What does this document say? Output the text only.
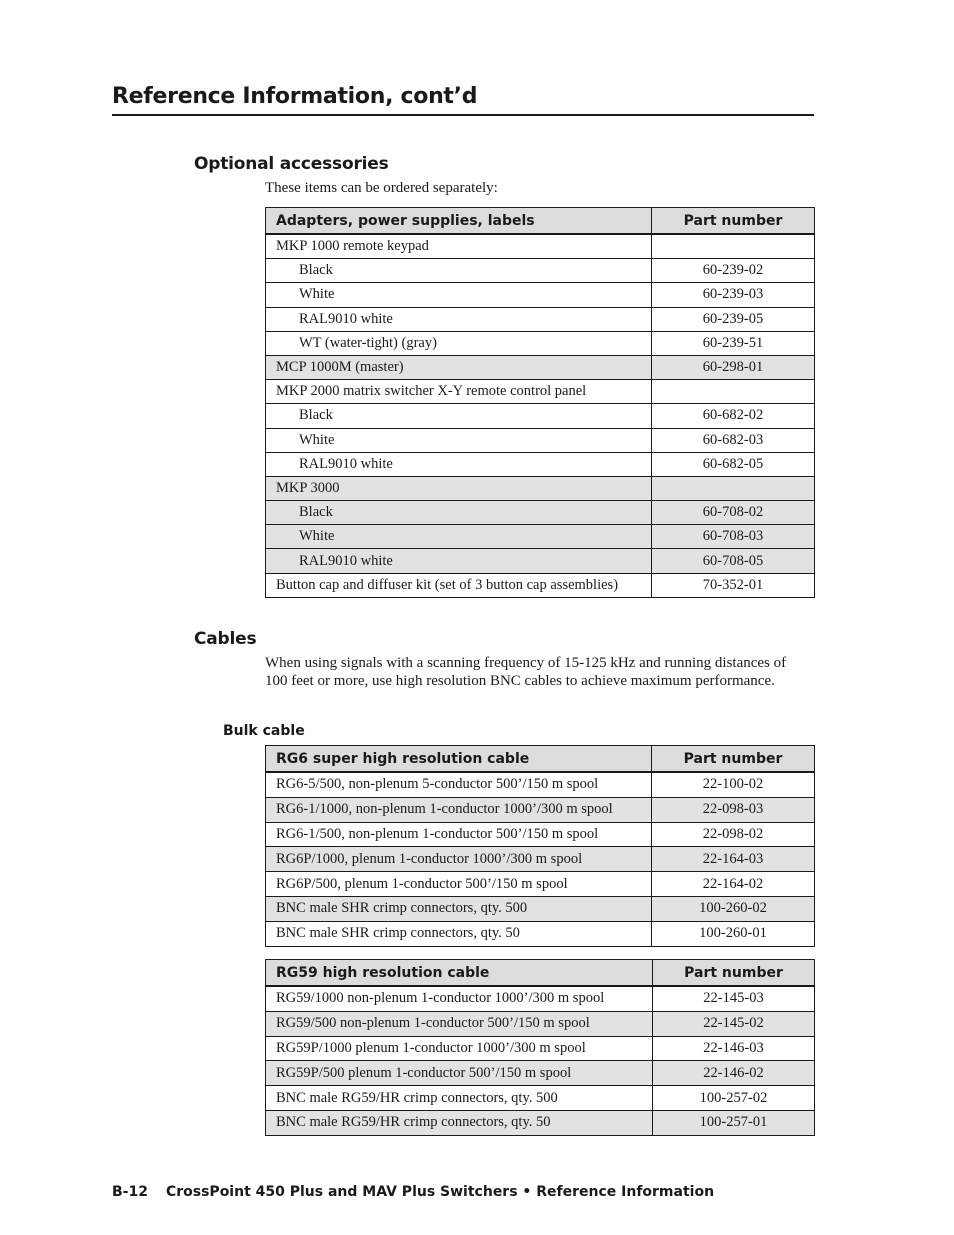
Reference Information, cont’d
Optional accessories

These items can be ordered separately:

Adapters, power supplies, labels	Part number
MKP 1000 remote keypad	
Black	60-239-02
White	60-239-03
RAL9010 white	60-239-05
WT (water-tight) (gray)	60-239-51
MCP 1000M (master)	60-298-01
MKP 2000 matrix switcher X-Y remote control panel	
Black	60-682-02
White	60-682-03
RAL9010 white	60-682-05
MKP 3000	
Black	60-708-02
White	60-708-03
RAL9010 white	60-708-05
Button cap and diffuser kit (set of 3 button cap assemblies)	70-352-01
Cables

When using signals with a scanning frequency of 15-125 kHz and running distances of 100 feet or more, use high resolution BNC cables to achieve maximum performance.

Bulk cable
RG6 super high resolution cable	Part number
RG6-5/500, non-plenum 5-conductor 500’/150 m spool	22-100-02
RG6-1/1000, non-plenum 1-conductor 1000’/300 m spool	22-098-03
RG6-1/500, non-plenum 1-conductor 500’/150 m spool	22-098-02
RG6P/1000, plenum 1-conductor 1000’/300 m spool	22-164-03
RG6P/500, plenum 1-conductor 500’/150 m spool	22-164-02
BNC male SHR crimp connectors, qty. 500	100-260-02
BNC male SHR crimp connectors, qty. 50	100-260-01
RG59 high resolution cable	Part number
RG59/1000 non-plenum 1-conductor 1000’/300 m spool	22-145-03
RG59/500 non-plenum 1-conductor 500’/150 m spool	22-145-02
RG59P/1000 plenum 1-conductor 1000’/300 m spool	22-146-03
RG59P/500 plenum 1-conductor 500’/150 m spool	22-146-02
BNC male RG59/HR crimp connectors, qty. 500	100-257-02
BNC male RG59/HR crimp connectors, qty. 50	100-257-01
B-12 CrossPoint 450 Plus and MAV Plus Switchers • Reference Information
